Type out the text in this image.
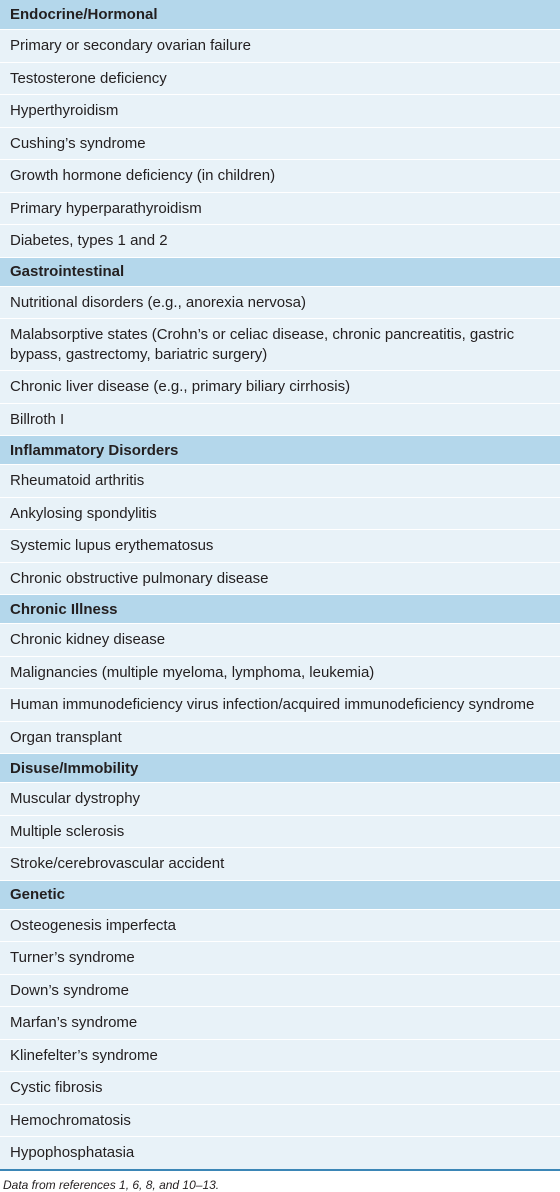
Endocrine/Hormonal
Primary or secondary ovarian failure
Testosterone deficiency
Hyperthyroidism
Cushing’s syndrome
Growth hormone deficiency (in children)
Primary hyperparathyroidism
Diabetes, types 1 and 2
Gastrointestinal
Nutritional disorders (e.g., anorexia nervosa)
Malabsorptive states (Crohn’s or celiac disease, chronic pancreatitis, gastric bypass, gastrectomy, bariatric surgery)
Chronic liver disease (e.g., primary biliary cirrhosis)
Billroth I
Inflammatory Disorders
Rheumatoid arthritis
Ankylosing spondylitis
Systemic lupus erythematosus
Chronic obstructive pulmonary disease
Chronic Illness
Chronic kidney disease
Malignancies (multiple myeloma, lymphoma, leukemia)
Human immunodeficiency virus infection/acquired immunodeficiency syndrome
Organ transplant
Disuse/Immobility
Muscular dystrophy
Multiple sclerosis
Stroke/cerebrovascular accident
Genetic
Osteogenesis imperfecta
Turner’s syndrome
Down’s syndrome
Marfan’s syndrome
Klinefelter’s syndrome
Cystic fibrosis
Hemochromatosis
Hypophosphatasia
Data from references 1, 6, 8, and 10–13.
